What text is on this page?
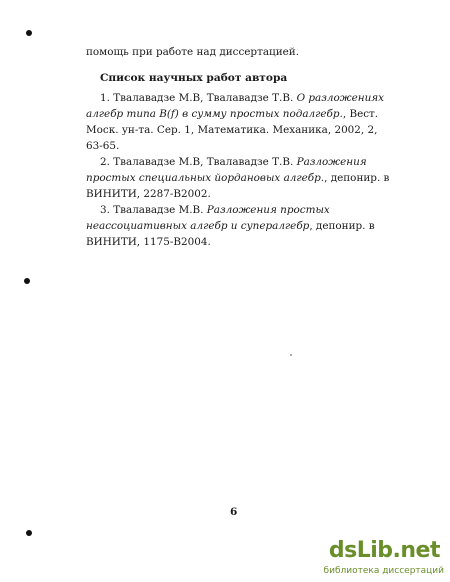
помощь при работе над диссертацией.
Список научных работ автора

1. Твалавадзе М.В, Твалавадзе Т.В. О разложениях алгебр типа B(f) в сумму простых подалгебр., Вест. Моск. ун-та. Сер. 1, Математика. Механика, 2002, 2, 63-65.

2. Твалавадзе М.В, Твалавадзе Т.В. Разложения простых специальных йордановых алгебр., депонир. в ВИНИТИ, 2287-В2002.

3. Твалавадзе М.В. Разложения простых неассоциативных алгебр и супералгебр, депонир. в ВИНИТИ, 1175-В2004.

6
dsLib.net
библиотека диссертаций
